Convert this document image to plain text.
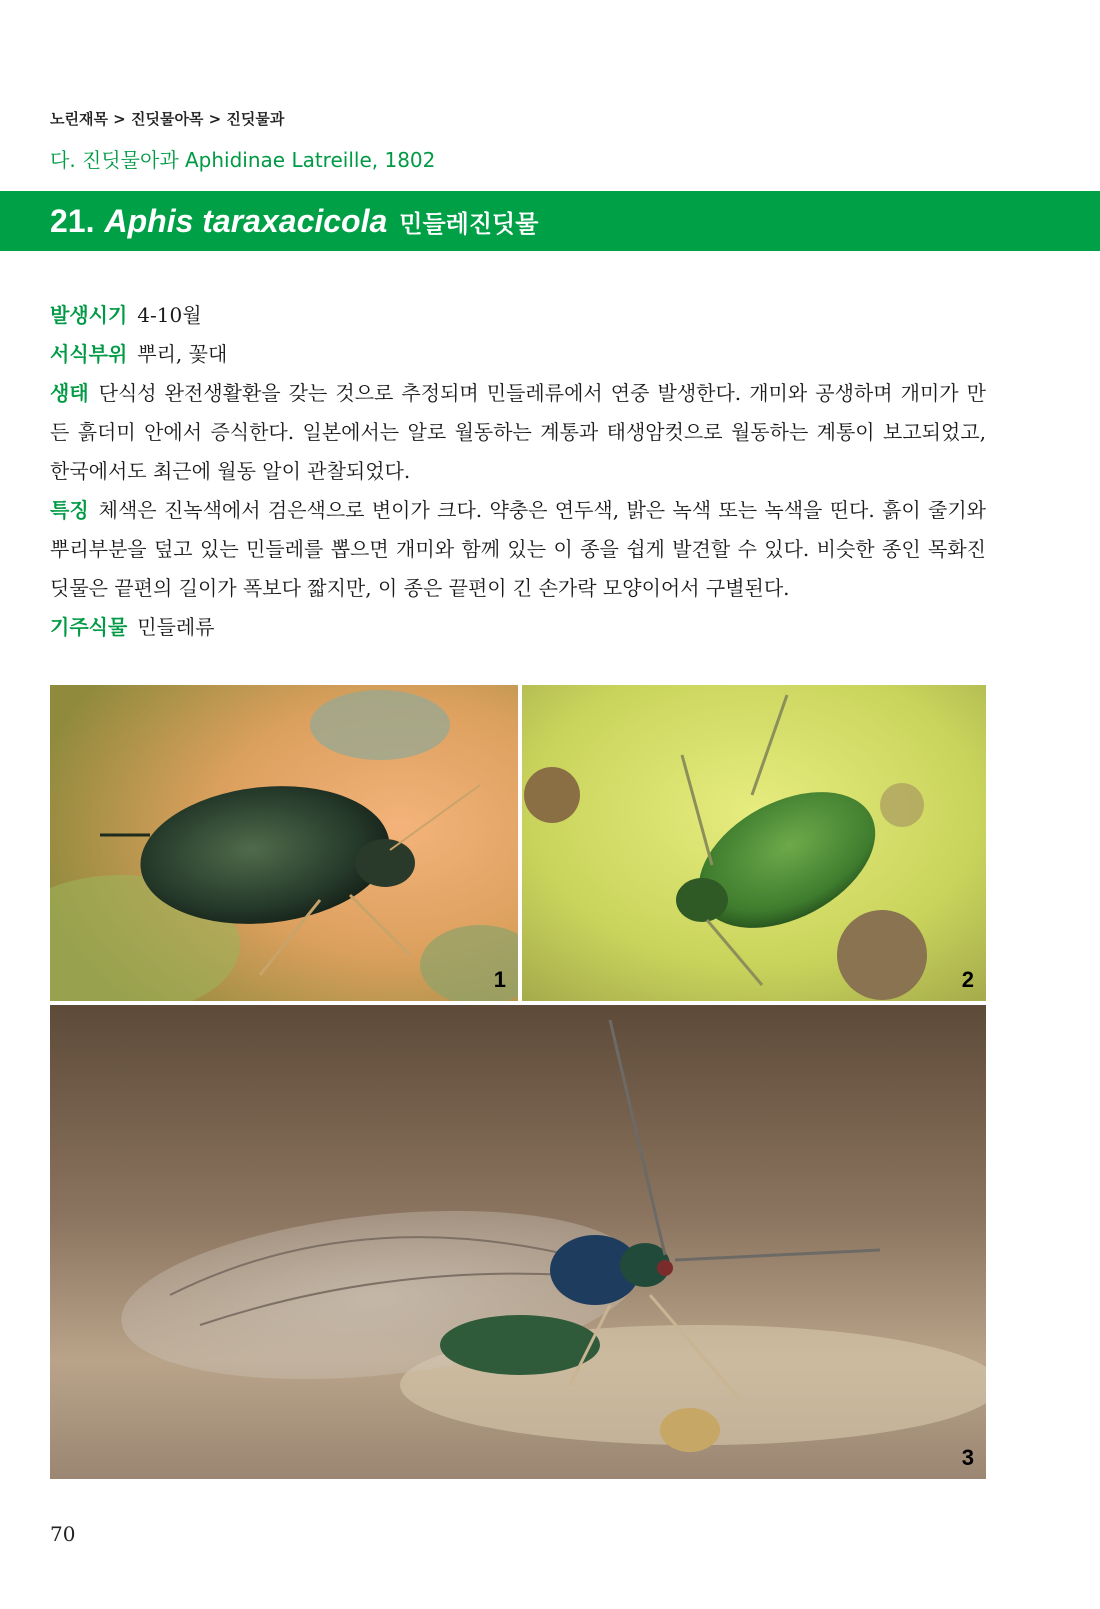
노린재목 > 진딧물아목 > 진딧물과
다. 진딧물아과 Aphidinae Latreille, 1802
21. Aphis taraxacicola 민들레진딧물

발생시기 4-10월

서식부위 뿌리, 꽃대

생태 단식성 완전생활환을 갖는 것으로 추정되며 민들레류에서 연중 발생한다. 개미와 공생하며 개미가 만든 흙더미 안에서 증식한다. 일본에서는 알로 월동하는 계통과 태생암컷으로 월동하는 계통이 보고되었고, 한국에서도 최근에 월동 알이 관찰되었다.

특징 체색은 진녹색에서 검은색으로 변이가 크다. 약충은 연두색, 밝은 녹색 또는 녹색을 띤다. 흙이 줄기와 뿌리부분을 덮고 있는 민들레를 뽑으면 개미와 함께 있는 이 종을 쉽게 발견할 수 있다. 비슷한 종인 목화진딧물은 끝편의 길이가 폭보다 짧지만, 이 종은 끝편이 긴 손가락 모양이어서 구별된다.

기주식물 민들레류

1	2
3
70
